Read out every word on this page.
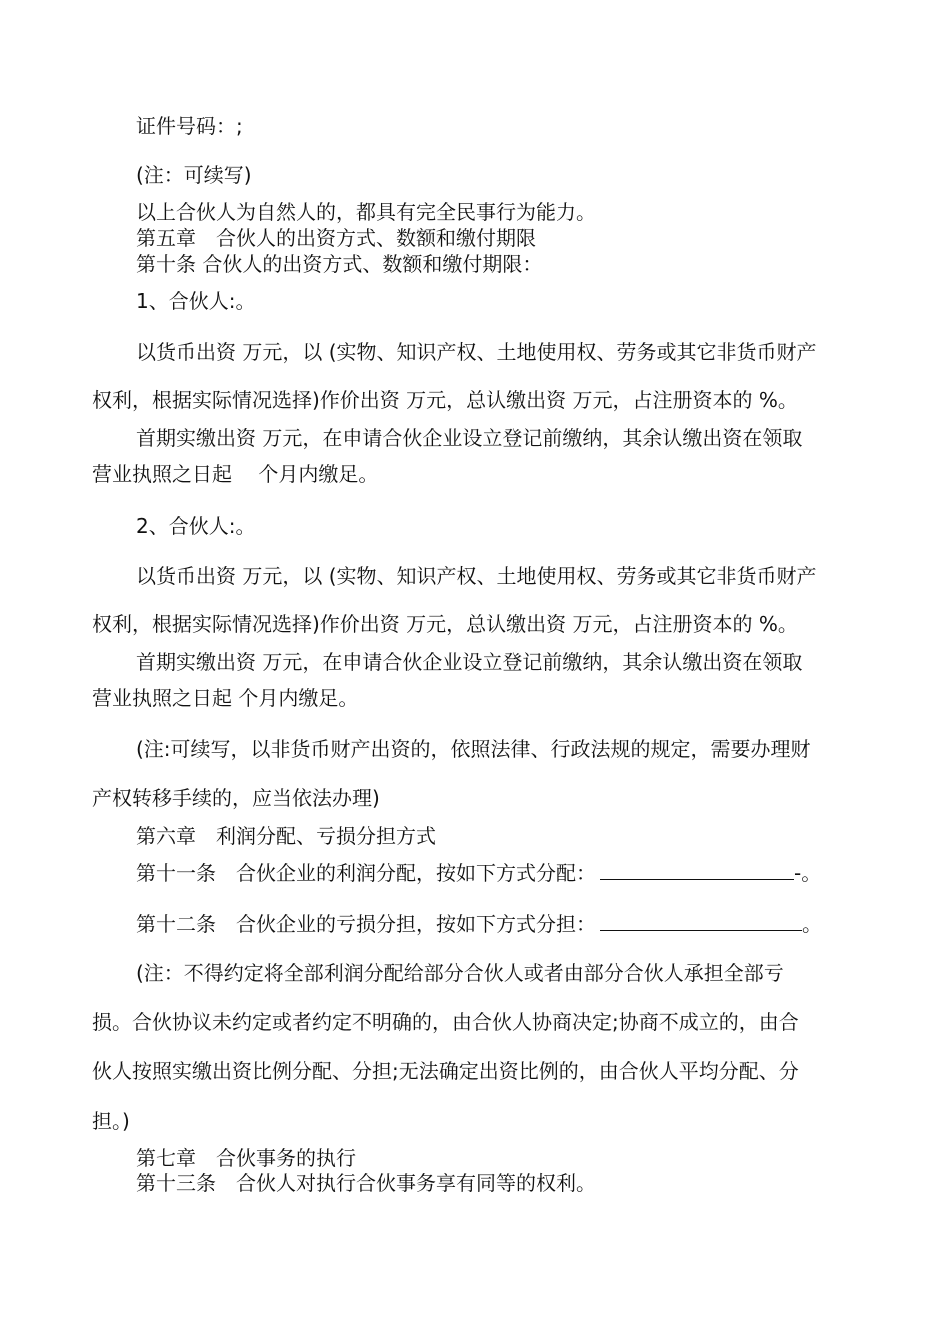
证件号码：;

(注：可续写)

以上合伙人为自然人的，都具有完全民事行为能力。

第五章　合伙人的出资方式、数额和缴付期限

第十条 合伙人的出资方式、数额和缴付期限：

1、合伙人:。

以货币出资 万元，以 (实物、知识产权、土地使用权、劳务或其它非货币财产

权利，根据实际情况选择)作价出资 万元，总认缴出资 万元，占注册资本的 %。

首期实缴出资 万元，在申请合伙企业设立登记前缴纳，其余认缴出资在领取

营业执照之日起　 个月内缴足。

2、合伙人:。

以货币出资 万元，以 (实物、知识产权、土地使用权、劳务或其它非货币财产

权利，根据实际情况选择)作价出资 万元，总认缴出资 万元，占注册资本的 %。

首期实缴出资 万元，在申请合伙企业设立登记前缴纳，其余认缴出资在领取

营业执照之日起 个月内缴足。

(注:可续写，以非货币财产出资的，依照法律、行政法规的规定，需要办理财

产权转移手续的，应当依法办理)

第六章　利润分配、亏损分担方式

第十一条　合伙企业的利润分配，按如下方式分配：	-。

第十二条　合伙企业的亏损分担，按如下方式分担：	。

(注：不得约定将全部利润分配给部分合伙人或者由部分合伙人承担全部亏

损。合伙协议未约定或者约定不明确的，由合伙人协商决定;协商不成立的，由合

伙人按照实缴出资比例分配、分担;无法确定出资比例的，由合伙人平均分配、分

担。)

第七章　合伙事务的执行

第十三条　合伙人对执行合伙事务享有同等的权利。
